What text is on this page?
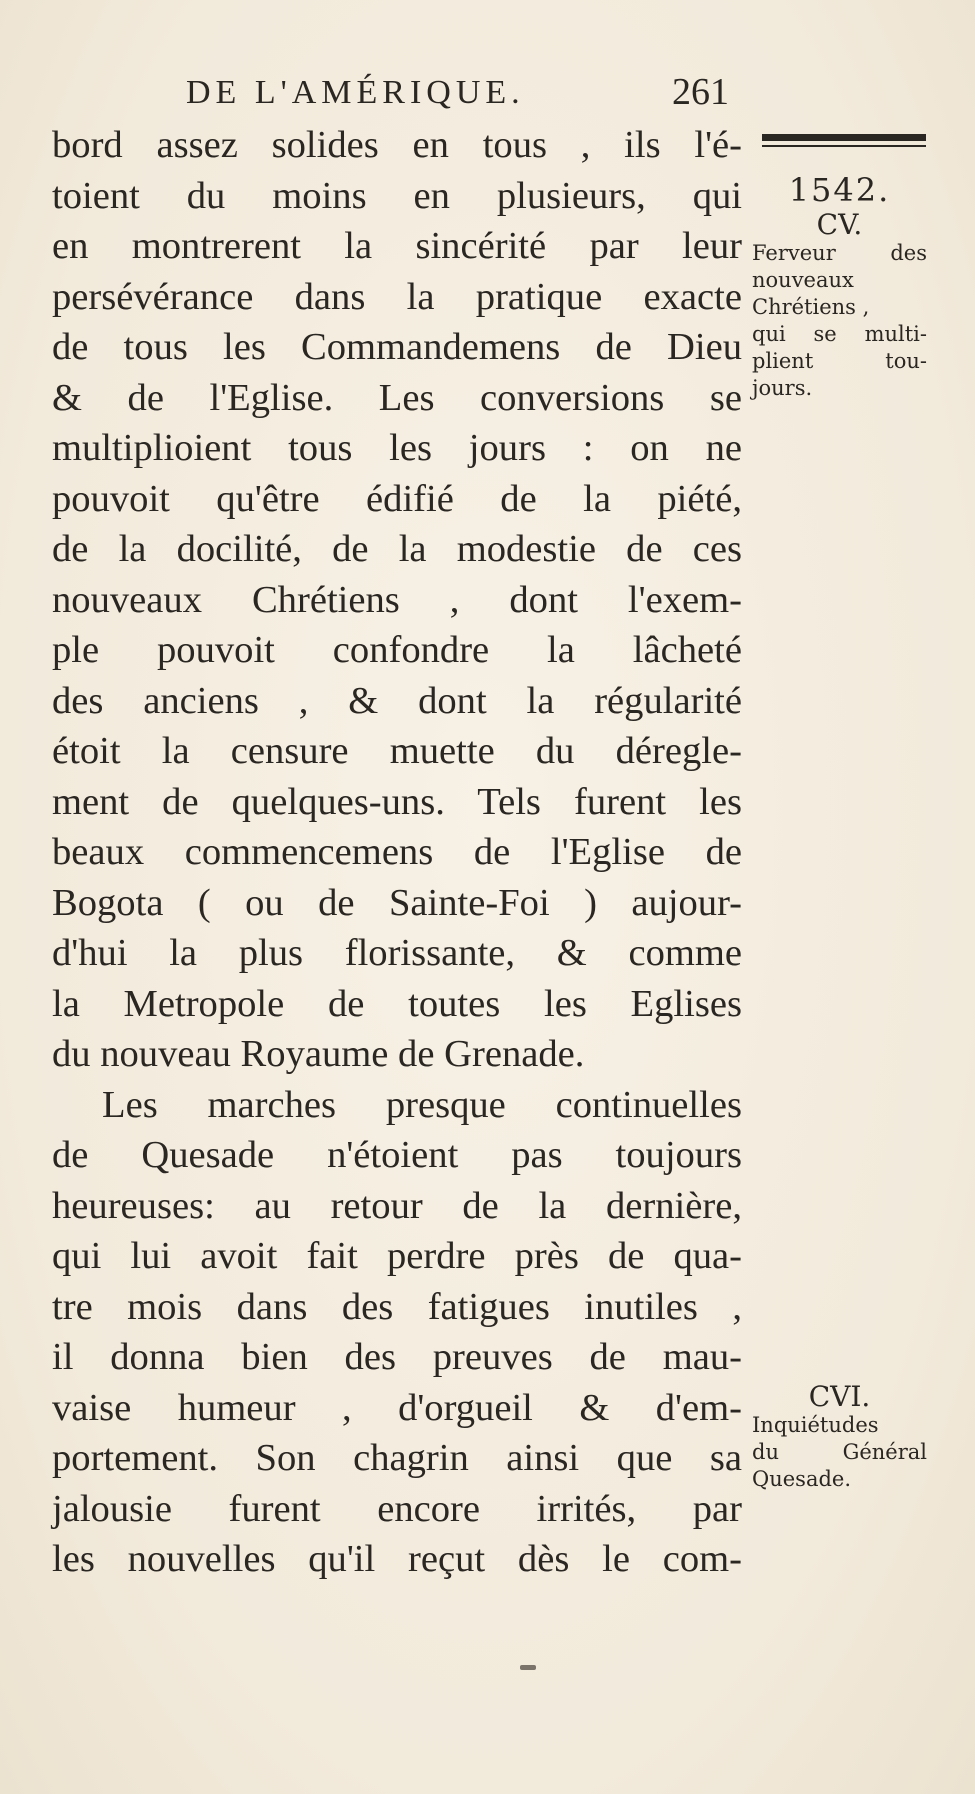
DE L'AMÉRIQUE.	261
bord assez solides en tous , ils l'é-
toient du moins en plusieurs, qui
en montrerent la sincérité par leur
persévérance dans la pratique exacte
de tous les Commandemens de Dieu
& de l'Eglise. Les conversions se
multiplioient tous les jours : on ne
pouvoit qu'être édifié de la piété,
de la docilité, de la modestie de ces
nouveaux Chrétiens , dont l'exem-
ple pouvoit confondre la lâcheté
des anciens , & dont la régularité
étoit la censure muette du déregle-
ment de quelques-uns. Tels furent les
beaux commencemens de l'Eglise de
Bogota ( ou de Sainte-Foi ) aujour-
d'hui la plus florissante, & comme
la Metropole de toutes les Eglises
du nouveau Royaume de Grenade.
Les marches presque continuelles
de Quesade n'étoient pas toujours
heureuses: au retour de la dernière,
qui lui avoit fait perdre près de qua-
tre mois dans des fatigues inutiles ,
il donna bien des preuves de mau-
vaise humeur , d'orgueil & d'em-
portement. Son chagrin ainsi que sa
jalousie furent encore irrités, par
les nouvelles qu'il reçut dès le com-
1542.
CV.
Ferveur des
nouveaux
Chrétiens ,
qui se multi-
plient tou-
jours.
CVI.
Inquiétudes
du Général
Quesade.
